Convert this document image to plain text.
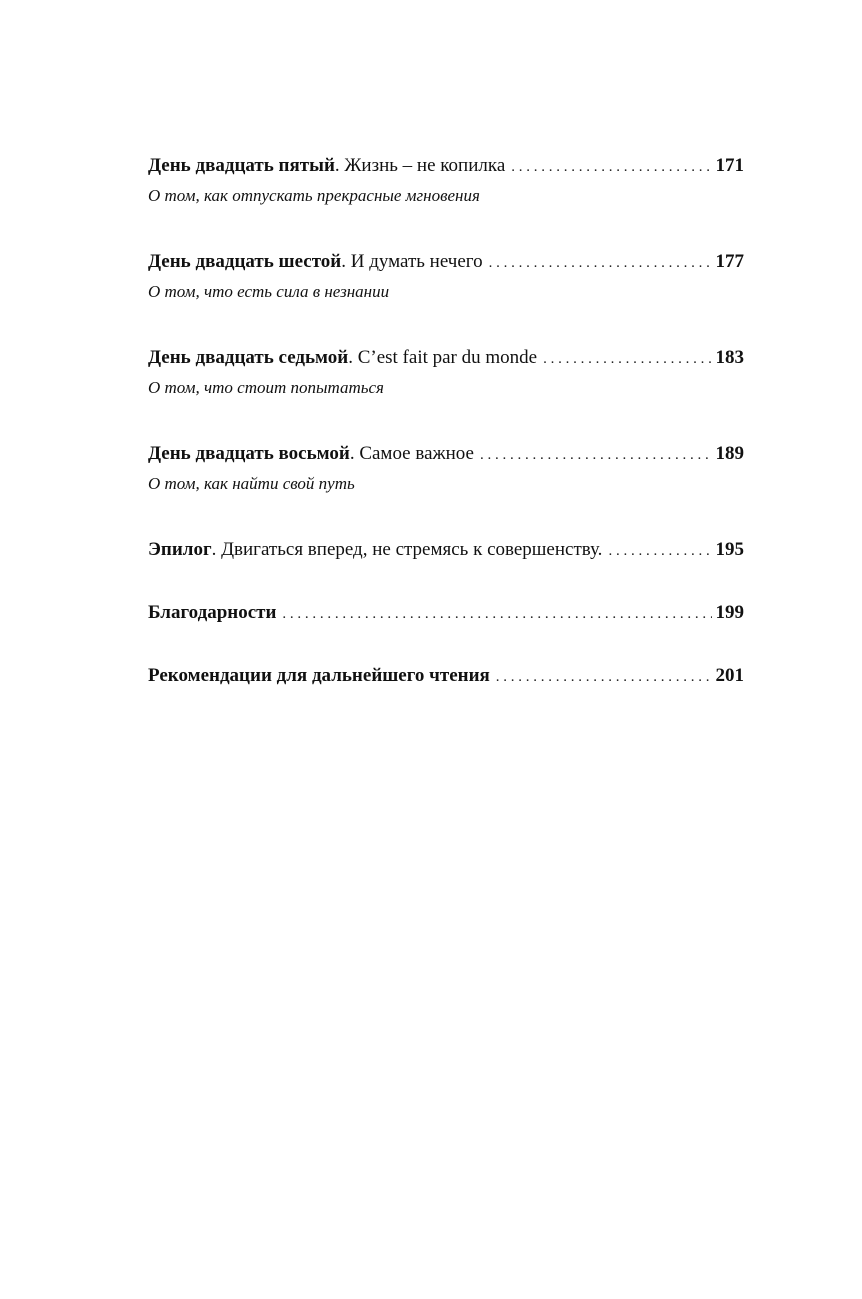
День двадцать пятый . Жизнь – не копилка . . .	171
О том, как отпускать прекрасные мгновения
День двадцать шестой . И думать нечего . . .	177
О том, что есть сила в незнании
День двадцать седьмой . C’est fait par du monde . . .	183
О том, что стоит попытаться
День двадцать восьмой . Самое важное . . .	189
О том, как найти свой путь
Эпилог . Двигаться вперед, не стремясь к совершенству. . . .	195
Благодарности . . .	199
Рекомендации для дальнейшего чтения . . .	201
